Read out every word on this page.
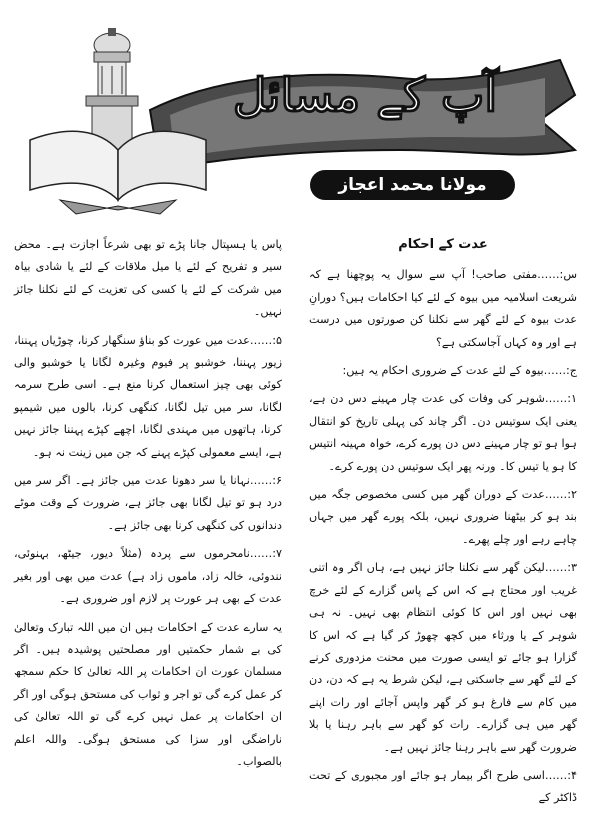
آپ کے مسائل
مولانا محمد اعجاز مصطفیٰ
عدت کے احکام

س:……مفتی صاحب! آپ سے سوال یہ پوچھنا ہے کہ شریعت اسلامیہ میں بیوہ کے لئے کیا احکامات ہیں؟ دورانِ عدت بیوہ کے لئے گھر سے نکلنا کن صورتوں میں درست ہے اور وہ کہاں آجاسکتی ہے؟

ج:……بیوہ کے لئے عدت کے ضروری احکام یہ ہیں:

۱:……شوہر کی وفات کی عدت چار مہینے دس دن ہے، یعنی ایک سوتیس دن۔ اگر چاند کی پہلی تاریخ کو انتقال ہوا ہو تو چار مہینے دس دن پورے کرے، خواہ مہینہ انتیس کا ہو یا تیس کا۔ ورنہ پھر ایک سوتیس دن پورے کرے۔

۲:……عدت کے دوران گھر میں کسی مخصوص جگہ میں بند ہو کر بیٹھنا ضروری نہیں، بلکہ پورے گھر میں جہاں چاہے رہے اور چلے پھرے۔

۳:……لیکن گھر سے نکلنا جائز نہیں ہے، ہاں اگر وہ اتنی غریب اور محتاج ہے کہ اس کے پاس گزارے کے لئے خرچ بھی نہیں اور اس کا کوئی انتظام بھی نہیں۔ نہ ہی شوہر کے یا ورثاء میں کچھ چھوڑ کر گیا ہے کہ اس کا گزارا ہو جائے تو ایسی صورت میں محنت مزدوری کرنے کے لئے گھر سے جاسکتی ہے، لیکن شرط یہ ہے کہ دن، دن میں کام سے فارغ ہو کر گھر واپس آجائے اور رات اپنے گھر میں ہی گزارے۔ رات کو گھر سے باہر رہنا یا بلا ضرورت گھر سے باہر رہنا جائز نہیں ہے۔

۴:……اسی طرح اگر بیمار ہو جائے اور مجبوری کے تحت ڈاکٹر کے

پاس یا ہسپتال جانا پڑے تو بھی شرعاً اجازت ہے۔ محض سیر و تفریح کے لئے یا میل ملاقات کے لئے یا شادی بیاہ میں شرکت کے لئے یا کسی کی تعزیت کے لئے نکلنا جائز نہیں۔

۵:……عدت میں عورت کو بناؤ سنگھار کرنا، چوڑیاں پہننا، زیور پہننا، خوشبو پر فیوم وغیرہ لگانا یا خوشبو والی کوئی بھی چیز استعمال کرنا منع ہے۔ اسی طرح سرمہ لگانا، سر میں تیل لگانا، کنگھی کرنا، بالوں میں شیمپو کرنا، ہاتھوں میں مہندی لگانا، اچھے کپڑے پہننا جائز نہیں ہے، ایسے معمولی کپڑے پہنے کہ جن میں زینت نہ ہو۔

۶:……نہانا یا سر دھونا عدت میں جائز ہے۔ اگر سر میں درد ہو تو تیل لگانا بھی جائز ہے، ضرورت کے وقت موٹے دندانوں کی کنگھی کرنا بھی جائز ہے۔

۷:……نامحرموں سے پردہ (مثلاً دیور، جیٹھ، بہنوئی، نندوئی، خالہ زاد، ماموں زاد ہے) عدت میں بھی اور بغیر عدت کے بھی ہر عورت پر لازم اور ضروری ہے۔

یہ سارے عدت کے احکامات ہیں ان میں اللہ تبارک وتعالیٰ کی بے شمار حکمتیں اور مصلحتیں پوشیدہ ہیں۔ اگر مسلمان عورت ان احکامات پر اللہ تعالیٰ کا حکم سمجھ کر عمل کرے گی تو اجر و ثواب کی مستحق ہوگی اور اگر ان احکامات پر عمل نہیں کرے گی تو اللہ تعالیٰ کی ناراضگی اور سزا کی مستحق ہوگی۔ واللہ اعلم بالصواب۔
